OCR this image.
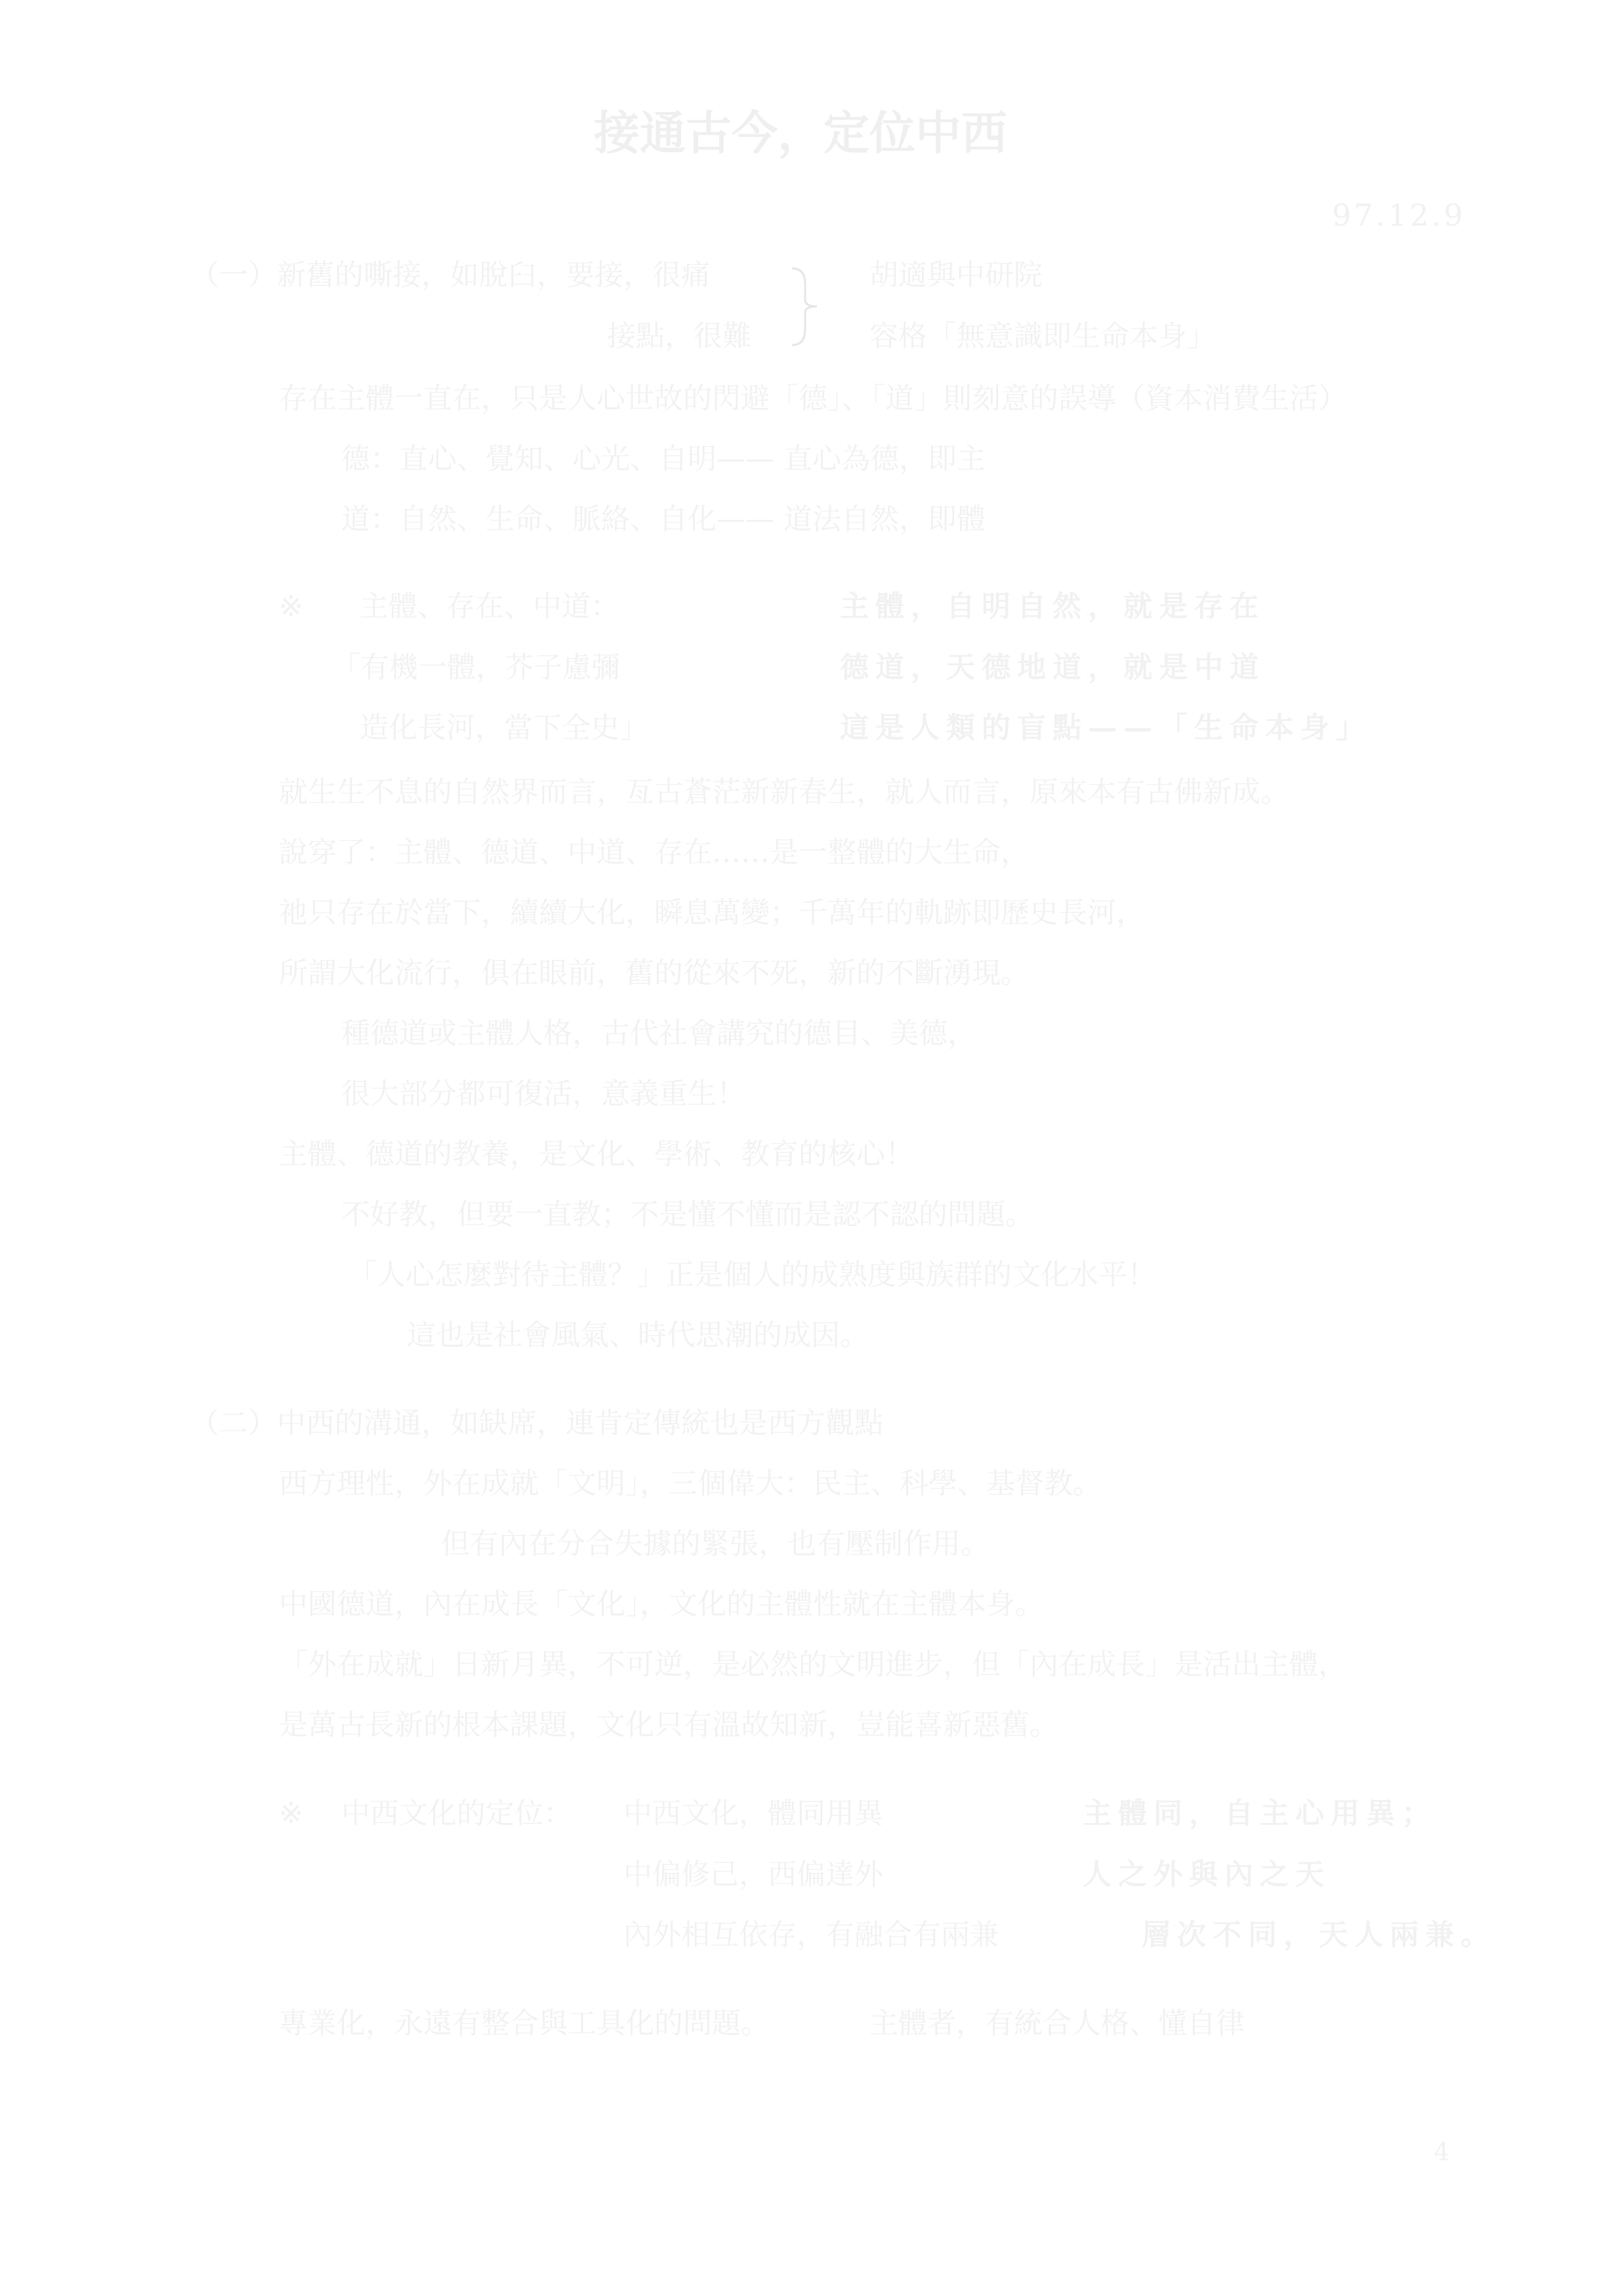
接通古今，定位中西
97.12.9
（一）新舊的嘶接，如脫臼，要接，很痛
接點，很難
胡適與中研院
容格「無意識即生命本身」
存在主體一直在，只是人心世故的閃避「德」、「道」則刻意的誤導（資本消費生活）
德：直心、覺知、心光、自明—— 直心為德，即主
道：自然、生命、脈絡、自化—— 道法自然，即體
※ 主體、存在、中道：
「有機一體，芥子慮彌
造化長河，當下全史」
主體，自明自然，就是存在
德道，天德地道，就是中道
這是人類的盲點——「生命本身」
就生生不息的自然界而言，亙古蒼茫新新春生，就人而言，原來本有古佛新成。
說穿了：主體、德道、中道、存在……是一整體的大生命，
祂只存在於當下，續續大化，瞬息萬變；千萬年的軌跡即歷史長河，
所謂大化流行，俱在眼前，舊的從來不死，新的不斷湧現。
種德道或主體人格，古代社會講究的德目、美德，
很大部分都可復活，意義重生！
主體、德道的教養，是文化、學術、教育的核心！
不好教，但要一直教；不是懂不懂而是認不認的問題。
「人心怎麼對待主體？」正是個人的成熟度與族群的文化水平！
這也是社會風氣、時代思潮的成因。
（二）中西的溝通，如缺席，連肯定傳統也是西方觀點
西方理性，外在成就「文明」，三個偉大：民主、科學、基督教。
但有內在分合失據的緊張，也有壓制作用。
中國德道，內在成長「文化」，文化的主體性就在主體本身。
「外在成就」日新月異，不可逆，是必然的文明進步，但「內在成長」是活出主體，
是萬古長新的根本課題，文化只有溫故知新，豈能喜新惡舊。
※ 中西文化的定位： 中西文化，體同用異
中偏修己，西偏達外
內外相互依存，有融合有兩兼
主體同，自主心用異；
人之外與內之天
層次不同，天人兩兼。
專業化，永遠有整合與工具化的問題。	主體者，有統合人格、懂自律
4
